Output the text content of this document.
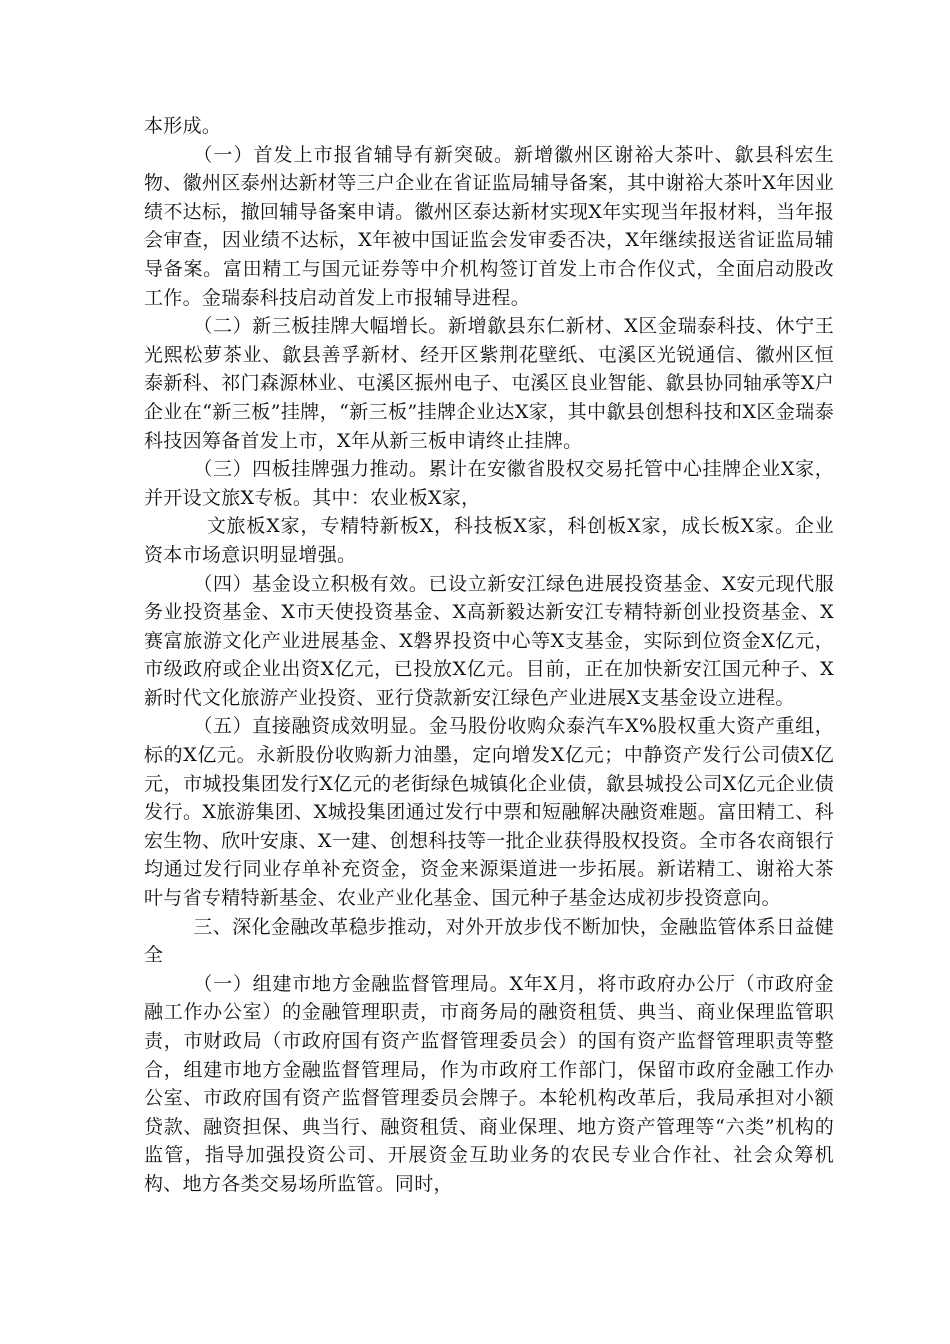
本形成。

（一）首发上市报省辅导有新突破。新增徽州区谢裕大茶叶、歙县科宏生物、徽州区泰州达新材等三户企业在省证监局辅导备案，其中谢裕大茶叶X年因业绩不达标，撤回辅导备案申请。徽州区泰达新材实现X年实现当年报材料，当年报会审查，因业绩不达标，X年被中国证监会发审委否决，X年继续报送省证监局辅导备案。富田精工与国元证券等中介机构签订首发上市合作仪式，全面启动股改工作。金瑞泰科技启动首发上市报辅导进程。

（二）新三板挂牌大幅增长。新增歙县东仁新材、X区金瑞泰科技、休宁王光熙松萝茶业、歙县善孚新材、经开区紫荆花壁纸、屯溪区光锐通信、徽州区恒泰新科、祁门森源林业、屯溪区振州电子、屯溪区良业智能、歙县协同轴承等X户企业在“新三板”挂牌，“新三板”挂牌企业达X家，其中歙县创想科技和X区金瑞泰科技因筹备首发上市，X年从新三板申请终止挂牌。

（三）四板挂牌强力推动。累计在安徽省股权交易托管中心挂牌企业X家，并开设文旅X专板。其中：农业板X家，

文旅板X家，专精特新板X，科技板X家，科创板X家，成长板X家。企业资本市场意识明显增强。

（四）基金设立积极有效。已设立新安江绿色进展投资基金、X安元现代服务业投资基金、X市天使投资基金、X高新毅达新安江专精特新创业投资基金、X赛富旅游文化产业进展基金、X磐界投资中心等X支基金，实际到位资金X亿元，市级政府或企业出资X亿元，已投放X亿元。目前，正在加快新安江国元种子、X新时代文化旅游产业投资、亚行贷款新安江绿色产业进展X支基金设立进程。

（五）直接融资成效明显。金马股份收购众泰汽车X%股权重大资产重组，标的X亿元。永新股份收购新力油墨，定向增发X亿元；中静资产发行公司债X亿元，市城投集团发行X亿元的老街绿色城镇化企业债，歙县城投公司X亿元企业债发行。X旅游集团、X城投集团通过发行中票和短融解决融资难题。富田精工、科宏生物、欣叶安康、X一建、创想科技等一批企业获得股权投资。全市各农商银行均通过发行同业存单补充资金，资金来源渠道进一步拓展。新诺精工、谢裕大茶叶与省专精特新基金、农业产业化基金、国元种子基金达成初步投资意向。

三、深化金融改革稳步推动，对外开放步伐不断加快，金融监管体系日益健全

（一）组建市地方金融监督管理局。X年X月，将市政府办公厅（市政府金融工作办公室）的金融管理职责，市商务局的融资租赁、典当、商业保理监管职责，市财政局（市政府国有资产监督管理委员会）的国有资产监督管理职责等整合，组建市地方金融监督管理局，作为市政府工作部门，保留市政府金融工作办公室、市政府国有资产监督管理委员会牌子。本轮机构改革后，我局承担对小额贷款、融资担保、典当行、融资租赁、商业保理、地方资产管理等“六类”机构的监管，指导加强投资公司、开展资金互助业务的农民专业合作社、社会众筹机构、地方各类交易场所监管。同时，
